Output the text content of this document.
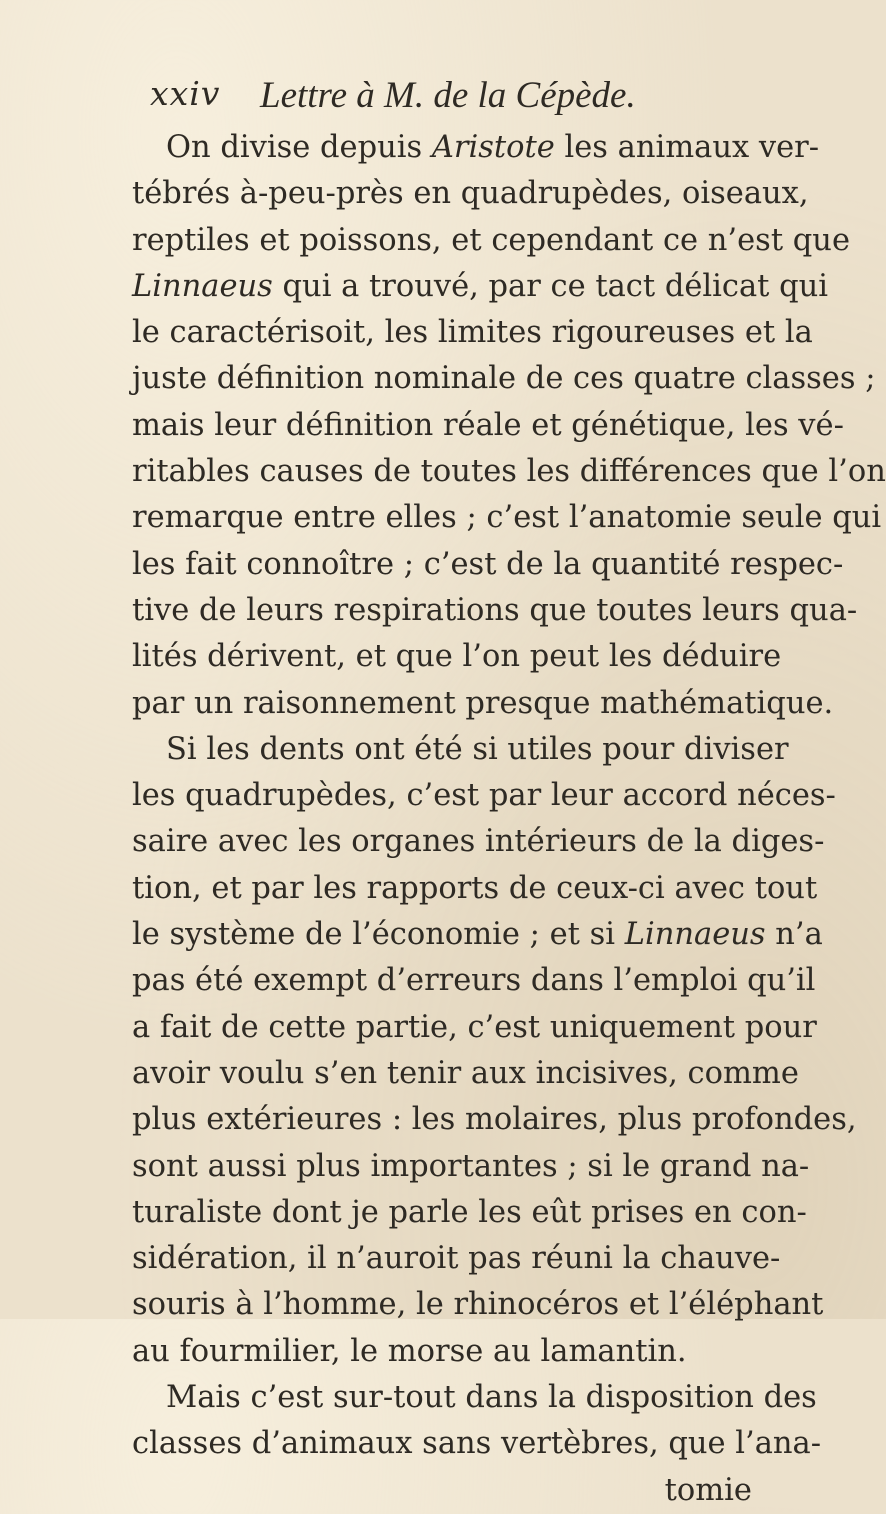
xxiv Lettre à M. de la Cépède.
On divise depuis Aristote les animaux ver-
tébrés à-peu-près en quadrupèdes, oiseaux,
reptiles et poissons, et cependant ce n’est que
Linnaeus qui a trouvé, par ce tact délicat qui
le caractérisoit, les limites rigoureuses et la
juste définition nominale de ces quatre classes ;
mais leur définition réale et génétique, les vé-
ritables causes de toutes les différences que l’on
remarque entre elles ; c’est l’anatomie seule qui
les fait connoître ; c’est de la quantité respec-
tive de leurs respirations que toutes leurs qua-
lités dérivent, et que l’on peut les déduire
par un raisonnement presque mathématique.
Si les dents ont été si utiles pour diviser
les quadrupèdes, c’est par leur accord néces-
saire avec les organes intérieurs de la diges-
tion, et par les rapports de ceux-ci avec tout
le système de l’économie ; et si Linnaeus n’a
pas été exempt d’erreurs dans l’emploi qu’il
a fait de cette partie, c’est uniquement pour
avoir voulu s’en tenir aux incisives, comme
plus extérieures : les molaires, plus profondes,
sont aussi plus importantes ; si le grand na-
turaliste dont je parle les eût prises en con-
sidération, il n’auroit pas réuni la chauve-
souris à l’homme, le rhinocéros et l’éléphant
au fourmilier, le morse au lamantin.
Mais c’est sur-tout dans la disposition des
classes d’animaux sans vertèbres, que l’ana-
tomie
